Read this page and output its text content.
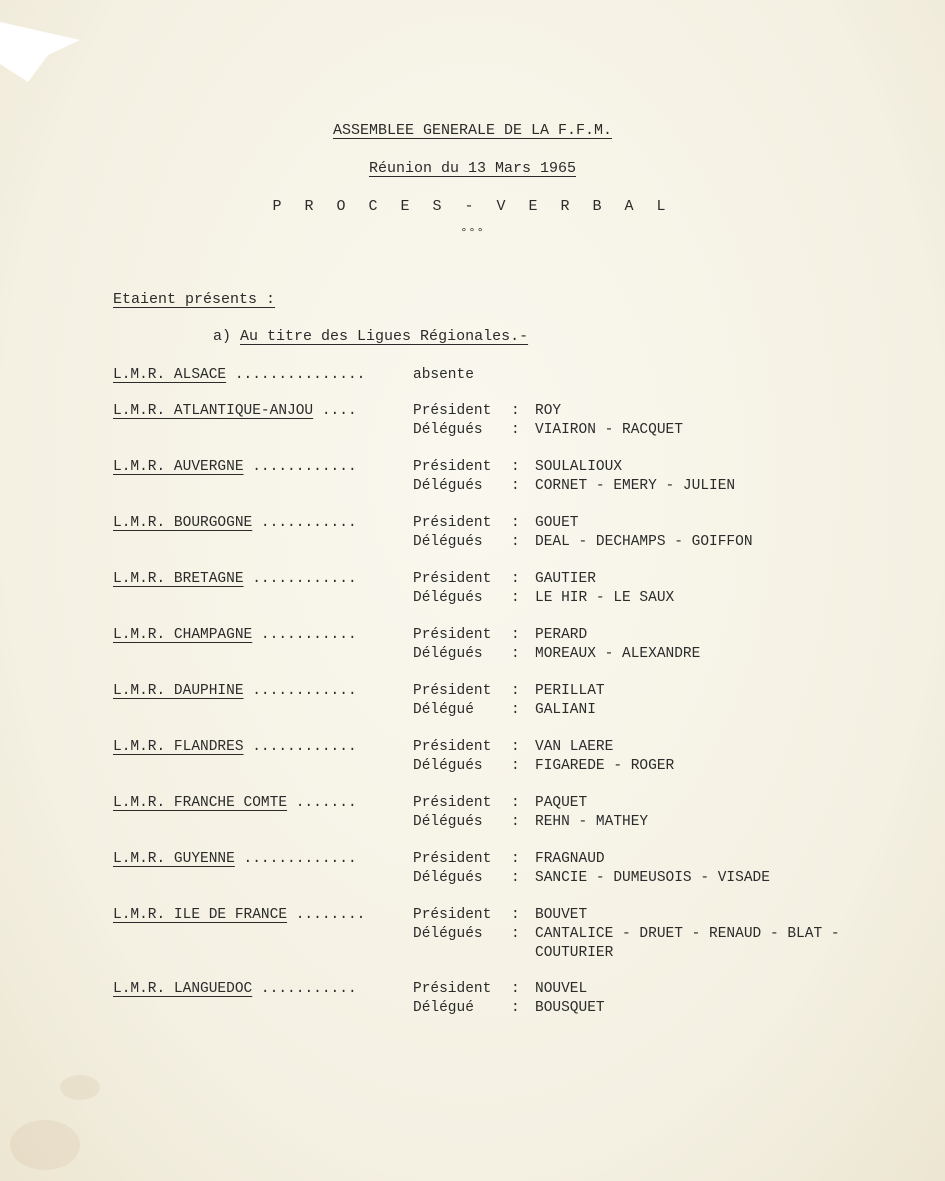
ASSEMBLEE GENERALE DE LA F.F.M.
Réunion du 13 Mars 1965
P R O C E S - V E R B A L
°°°
Etaient présents :
a) Au titre des Ligues Régionales.-
L.M.R. ALSACE ...............	absente
L.M.R. ATLANTIQUE-ANJOU ....	Président : ROY
Délégués : VIAIRON - RACQUET
L.M.R. AUVERGNE ............	Président : SOULALIOUX
Délégués : CORNET - EMERY - JULIEN
L.M.R. BOURGOGNE ...........	Président : GOUET
Délégués : DEAL - DECHAMPS - GOIFFON
L.M.R. BRETAGNE ............	Président : GAUTIER
Délégués : LE HIR - LE SAUX
L.M.R. CHAMPAGNE ...........	Président : PERARD
Délégués : MOREAUX - ALEXANDRE
L.M.R. DAUPHINE ............	Président : PERILLAT
Délégué	: GALIANI
L.M.R. FLANDRES ............	Président : VAN LAERE
Délégués : FIGAREDE - ROGER
L.M.R. FRANCHE COMTE .......	Président : PAQUET
Délégués : REHN - MATHEY
L.M.R. GUYENNE .............	Président : FRAGNAUD
Délégués : SANCIE - DUMEUSOIS - VISADE
L.M.R. ILE DE FRANCE ........	Président : BOUVET
Délégués : CANTALICE - DRUET - RENAUD - BLAT -
COUTURIER
L.M.R. LANGUEDOC ...........	Président : NOUVEL
Délégué	: BOUSQUET
